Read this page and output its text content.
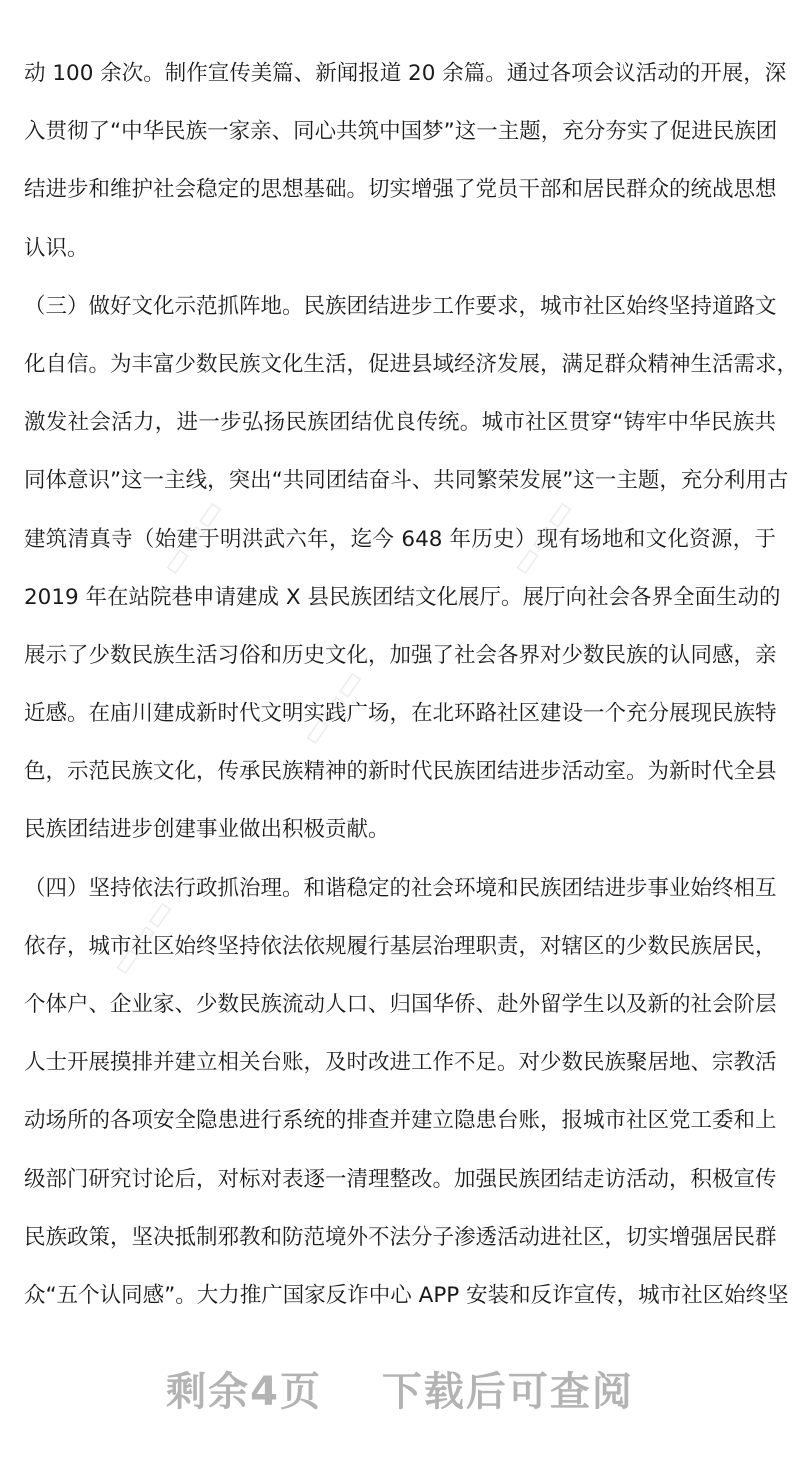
动 100 余次。制作宣传美篇、新闻报道 20 余篇。通过各项会议活动的开展，深
入贯彻了“中华民族一家亲、同心共筑中国梦”这一主题，充分夯实了促进民族团
结进步和维护社会稳定的思想基础。切实增强了党员干部和居民群众的统战思想
认识。
（三）做好文化示范抓阵地。民族团结进步工作要求，城市社区始终坚持道路文
化自信。为丰富少数民族文化生活，促进县域经济发展，满足群众精神生活需求，
激发社会活力，进一步弘扬民族团结优良传统。城市社区贯穿“铸牢中华民族共
同体意识”这一主线，突出“共同团结奋斗、共同繁荣发展”这一主题，充分利用古
建筑清真寺（始建于明洪武六年，迄今 648 年历史）现有场地和文化资源，于
2019 年在站院巷申请建成 X 县民族团结文化展厅。展厅向社会各界全面生动的
展示了少数民族生活习俗和历史文化，加强了社会各界对少数民族的认同感，亲
近感。在庙川建成新时代文明实践广场，在北环路社区建设一个充分展现民族特
色，示范民族文化，传承民族精神的新时代民族团结进步活动室。为新时代全县
民族团结进步创建事业做出积极贡献。
（四）坚持依法行政抓治理。和谐稳定的社会环境和民族团结进步事业始终相互
依存，城市社区始终坚持依法依规履行基层治理职责，对辖区的少数民族居民，
个体户、企业家、少数民族流动人口、归国华侨、赴外留学生以及新的社会阶层
人士开展摸排并建立相关台账，及时改进工作不足。对少数民族聚居地、宗教活
动场所的各项安全隐患进行系统的排查并建立隐患台账，报城市社区党工委和上
级部门研究讨论后，对标对表逐一清理整改。加强民族团结走访活动，积极宣传
民族政策，坚决抵制邪教和防范境外不法分子渗透活动进社区，切实增强居民群
众“五个认同感”。大力推广国家反诈中心 APP 安装和反诈宣传，城市社区始终坚
▭▭▭	▭▭▭
▭▭▭
▭▭▭
剩余4页 下载后可查阅
